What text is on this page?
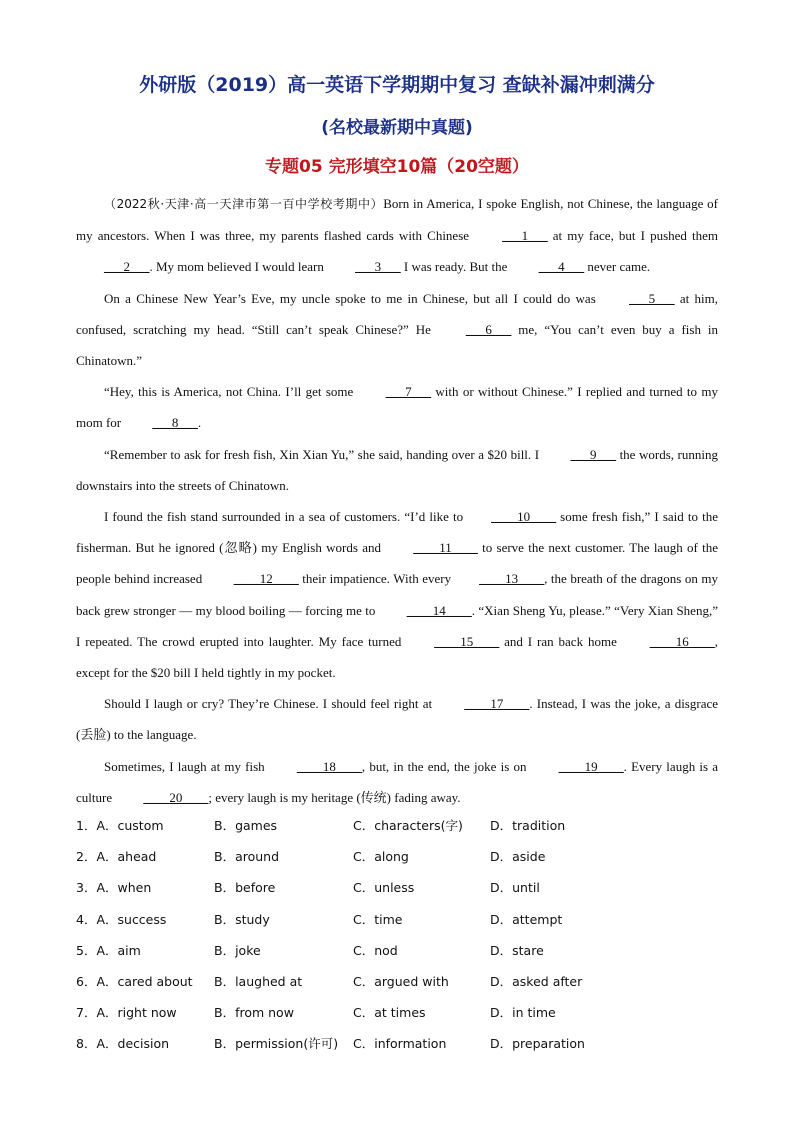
外研版（2019）高一英语下学期期中复习 查缺补漏冲刺满分
(名校最新期中真题)
专题05 完形填空10篇（20空题）

（2022秋·天津·高一天津市第一百中学校考期中）Born in America, I spoke English, not Chinese, the language of my ancestors. When I was three, my parents flashed cards with Chinese ___1___ at my face, but I pushed them ___2___. My mom believed I would learn ___3___ I was ready. But the ___4___ never came.

On a Chinese New Year’s Eve, my uncle spoke to me in Chinese, but all I could do was ___5___ at him, confused, scratching my head. “Still can’t speak Chinese?” He ___6___ me, “You can’t even buy a fish in Chinatown.”

“Hey, this is America, not China. I’ll get some ___7___ with or without Chinese.” I replied and turned to my mom for ___8___.

“Remember to ask for fresh fish, Xin Xian Yu,” she said, handing over a $20 bill. I ___9___ the words, running downstairs into the streets of Chinatown.

I found the fish stand surrounded in a sea of customers. “I’d like to ____10____ some fresh fish,” I said to the fisherman. But he ignored (忽略) my English words and ____11____ to serve the next customer. The laugh of the people behind increased ____12____ their impatience. With every ____13____, the breath of the dragons on my back grew stronger — my blood boiling — forcing me to ____14____. “Xian Sheng Yu, please.” “Very Xian Sheng,” I repeated. The crowd erupted into laughter. My face turned ____15____ and I ran back home ____16____, except for the $20 bill I held tightly in my pocket.

Should I laugh or cry? They’re Chinese. I should feel right at ____17____. Instead, I was the joke, a disgrace (丢脸) to the language.

Sometimes, I laugh at my fish ____18____, but, in the end, the joke is on ____19____. Every laugh is a culture ____20____; every laugh is my heritage (传统) fading away.

1．A．custom	B．games	C．characters(字) D．tradition
2．A．ahead	B．around	C．along	D．aside
3．A．when	B．before	C．unless	D．until
4．A．success	B．study	C．time	D．attempt
5．A．aim	B．joke	C．nod	D．stare
6．A．cared about B．laughed at	C．argued with	D．asked after
7．A．right now	B．from now	C．at times	D．in time
8．A．decision	B．permission(许可) C．information	D．preparation
